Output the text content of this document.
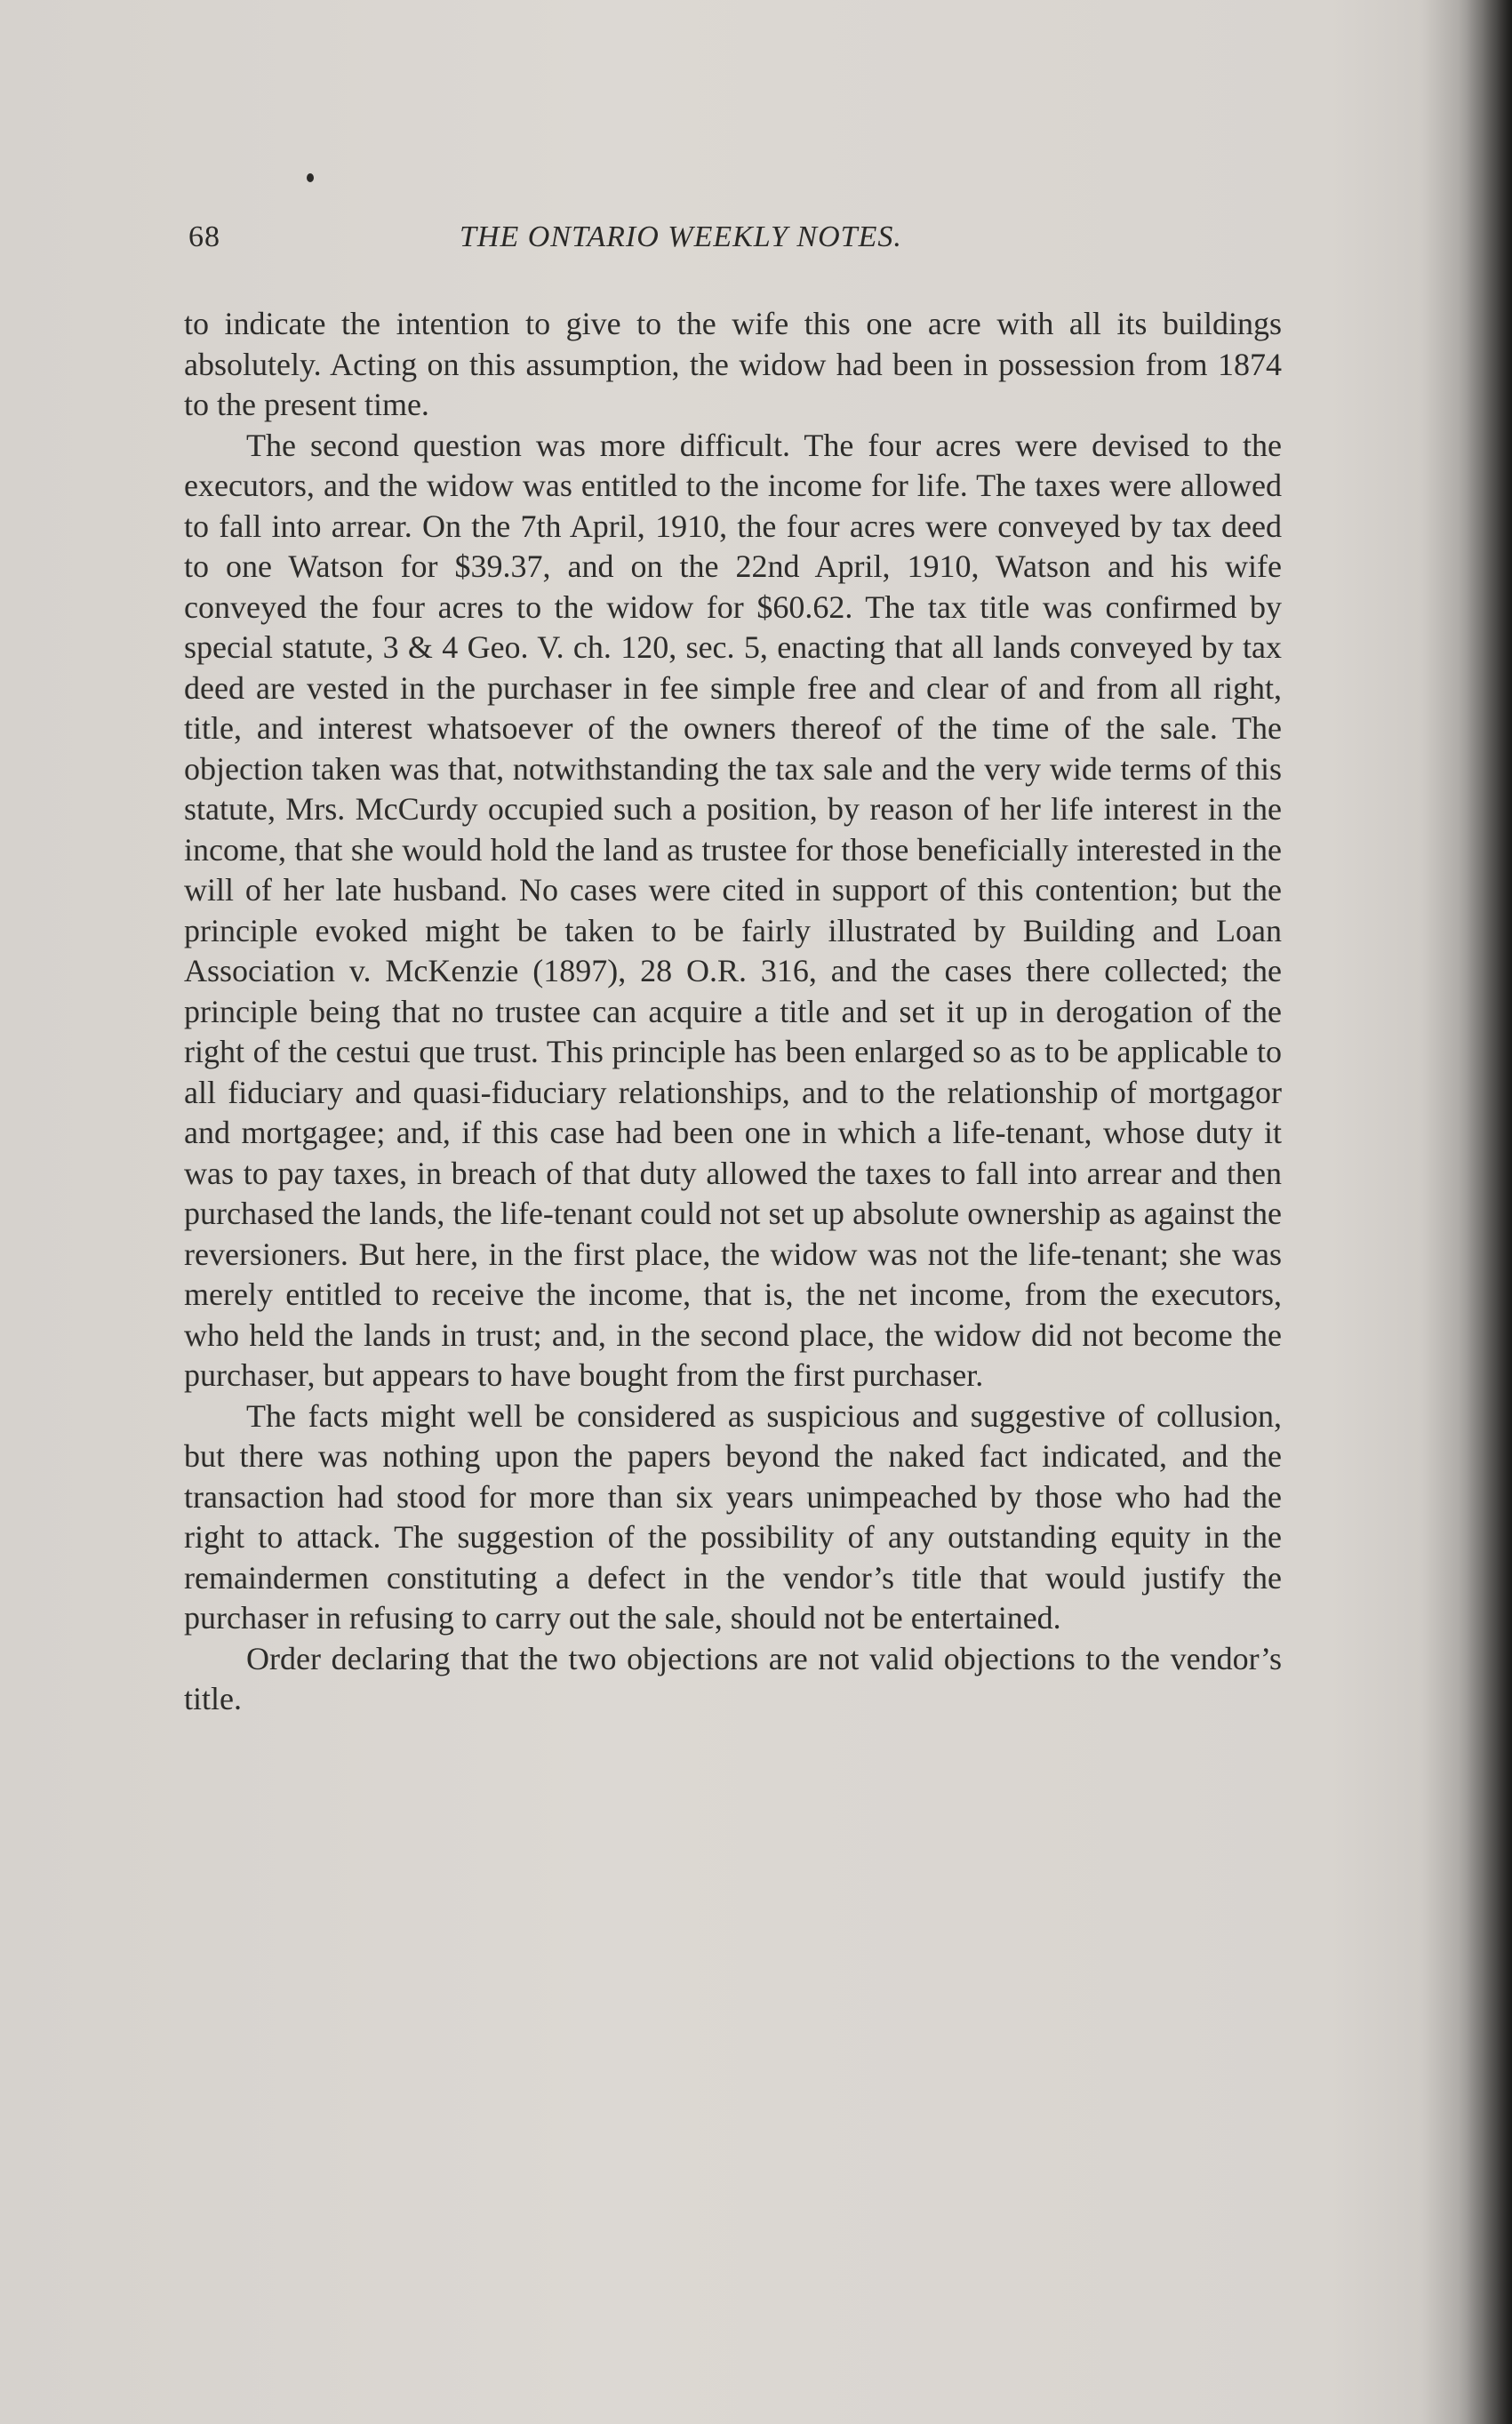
68	THE ONTARIO WEEKLY NOTES.

to indicate the intention to give to the wife this one acre with all its buildings absolutely. Acting on this assumption, the widow had been in possession from 1874 to the present time.

The second question was more difficult. The four acres were devised to the executors, and the widow was entitled to the income for life. The taxes were allowed to fall into arrear. On the 7th April, 1910, the four acres were conveyed by tax deed to one Watson for $39.37, and on the 22nd April, 1910, Watson and his wife conveyed the four acres to the widow for $60.62. The tax title was confirmed by special statute, 3 & 4 Geo. V. ch. 120, sec. 5, enacting that all lands conveyed by tax deed are vested in the purchaser in fee simple free and clear of and from all right, title, and interest whatsoever of the owners thereof of the time of the sale. The objection taken was that, notwithstanding the tax sale and the very wide terms of this statute, Mrs. McCurdy occupied such a position, by reason of her life interest in the income, that she would hold the land as trustee for those beneficially interested in the will of her late husband. No cases were cited in support of this contention; but the principle evoked might be taken to be fairly illustrated by Building and Loan Association v. McKenzie (1897), 28 O.R. 316, and the cases there collected; the principle being that no trustee can acquire a title and set it up in derogation of the right of the cestui que trust. This principle has been enlarged so as to be applicable to all fiduciary and quasi-fiduciary relationships, and to the relationship of mortgagor and mortgagee; and, if this case had been one in which a life-tenant, whose duty it was to pay taxes, in breach of that duty allowed the taxes to fall into arrear and then purchased the lands, the life-tenant could not set up absolute ownership as against the reversioners. But here, in the first place, the widow was not the life-tenant; she was merely entitled to receive the income, that is, the net income, from the executors, who held the lands in trust; and, in the second place, the widow did not become the purchaser, but appears to have bought from the first purchaser.

The facts might well be considered as suspicious and suggestive of collusion, but there was nothing upon the papers beyond the naked fact indicated, and the transaction had stood for more than six years unimpeached by those who had the right to attack. The suggestion of the possibility of any outstanding equity in the remaindermen constituting a defect in the vendor’s title that would justify the purchaser in refusing to carry out the sale, should not be entertained.

Order declaring that the two objections are not valid objections to the vendor’s title.
